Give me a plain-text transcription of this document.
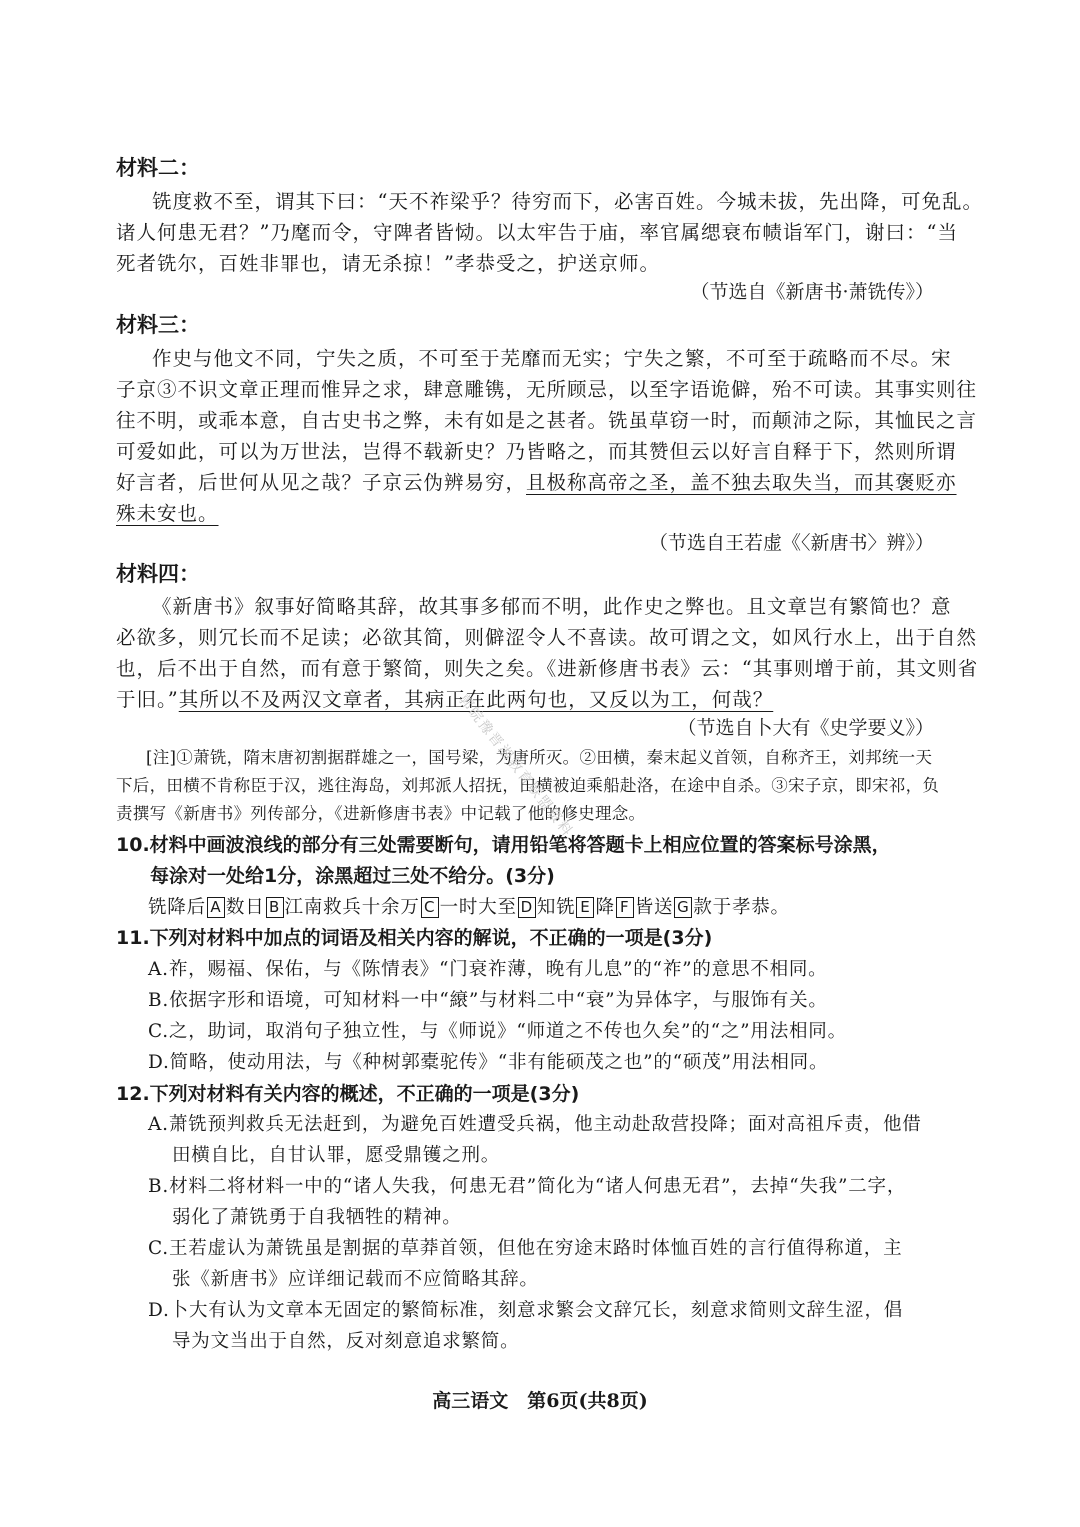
材料二：
铣度救不至，谓其下曰：“天不祚梁乎？待穷而下，必害百姓。今城未拔，先出降，可免乱。
诸人何患无君？”乃麾而令，守陴者皆恸。以太牢告于庙，率官属缌衰布帻诣军门，谢曰：“当
死者铣尔，百姓非罪也，请无杀掠！”孝恭受之，护送京师。
（节选自《新唐书·萧铣传》）
材料三：
作史与他文不同，宁失之质，不可至于芜靡而无实；宁失之繁，不可至于疏略而不尽。宋
子京③不识文章正理而惟异之求，肆意雕镌，无所顾忌，以至字语诡僻，殆不可读。其事实则往
往不明，或乖本意，自古史书之弊，未有如是之甚者。铣虽草窃一时，而颠沛之际，其恤民之言
可爱如此，可以为万世法，岂得不载新史？乃皆略之，而其赞但云以好言自释于下，然则所谓
好言者，后世何从见之哉？子京云伪辨易穷，且极称高帝之圣，盖不独去取失当，而其褒贬亦
殊未安也。
（节选自王若虚《〈新唐书〉辨》）
材料四：
《新唐书》叙事好简略其辞，故其事多郁而不明，此作史之弊也。且文章岂有繁简也？意
必欲多，则冗长而不足读；必欲其简，则僻涩令人不喜读。故可谓之文，如风行水上，出于自然
也，后不出于自然，而有意于繁简，则失之矣。《进新修唐书表》云：“其事则增于前，其文则省
于旧。”其所以不及两汉文章者，其病正在此两句也，又反以为工，何哉？
（节选自卜大有《史学要义》）
[注]①萧铣，隋末唐初割据群雄之一，国号梁，为唐所灭。②田横，秦末起义首领，自称齐王，刘邦统一天
下后，田横不肯称臣于汉，逃往海岛，刘邦派人招抚，田横被迫乘船赴洛，在途中自杀。③宋子京，即宋祁，负
责撰写《新唐书》列传部分，《进新修唐书表》中记载了他的修史理念。
10.材料中画波浪线的部分有三处需要断句，请用铅笔将答题卡上相应位置的答案标号涂黑，
每涂对一处给1分，涂黑超过三处不给分。(3分)
铣降后 A 数日 B 江南救兵十余万 C 一时大至 D 知铣 E 降 F 皆送 G 款于孝恭。
11.下列对材料中加点的词语及相关内容的解说，不正确的一项是(3分)
A.祚，赐福、保佑，与《陈情表》“门衰祚薄，晚有儿息”的“祚”的意思不相同。
B.依据字形和语境，可知材料一中“縗”与材料二中“衰”为异体字，与服饰有关。
C.之，助词，取消句子独立性，与《师说》“师道之不传也久矣”的“之”用法相同。
D.简略，使动用法，与《种树郭橐驼传》“非有能硕茂之也”的“硕茂”用法相同。
12.下列对材料有关内容的概述，不正确的一项是(3分)
A.萧铣预判救兵无法赶到，为避免百姓遭受兵祸，他主动赴敌营投降；面对高祖斥责，他借
田横自比，自甘认罪，愿受鼎镬之刑。
B.材料二将材料一中的“诸人失我，何患无君”简化为“诸人何患无君”，去掉“失我”二字，
弱化了萧铣勇于自我牺牲的精神。
C.王若虚认为萧铣虽是割据的草莽首领，但他在穷途末路时体恤百姓的言行值得称道，主
张《新唐书》应详细记载而不应简略其辞。
D.卜大有认为文章本无固定的繁简标准，刻意求繁会文辞冗长，刻意求简则文辞生涩，倡
导为文当出于自然，反对刻意追求繁简。
高三语文　第6页(共8页)
郭皖豫晋湘教育联盟资料
